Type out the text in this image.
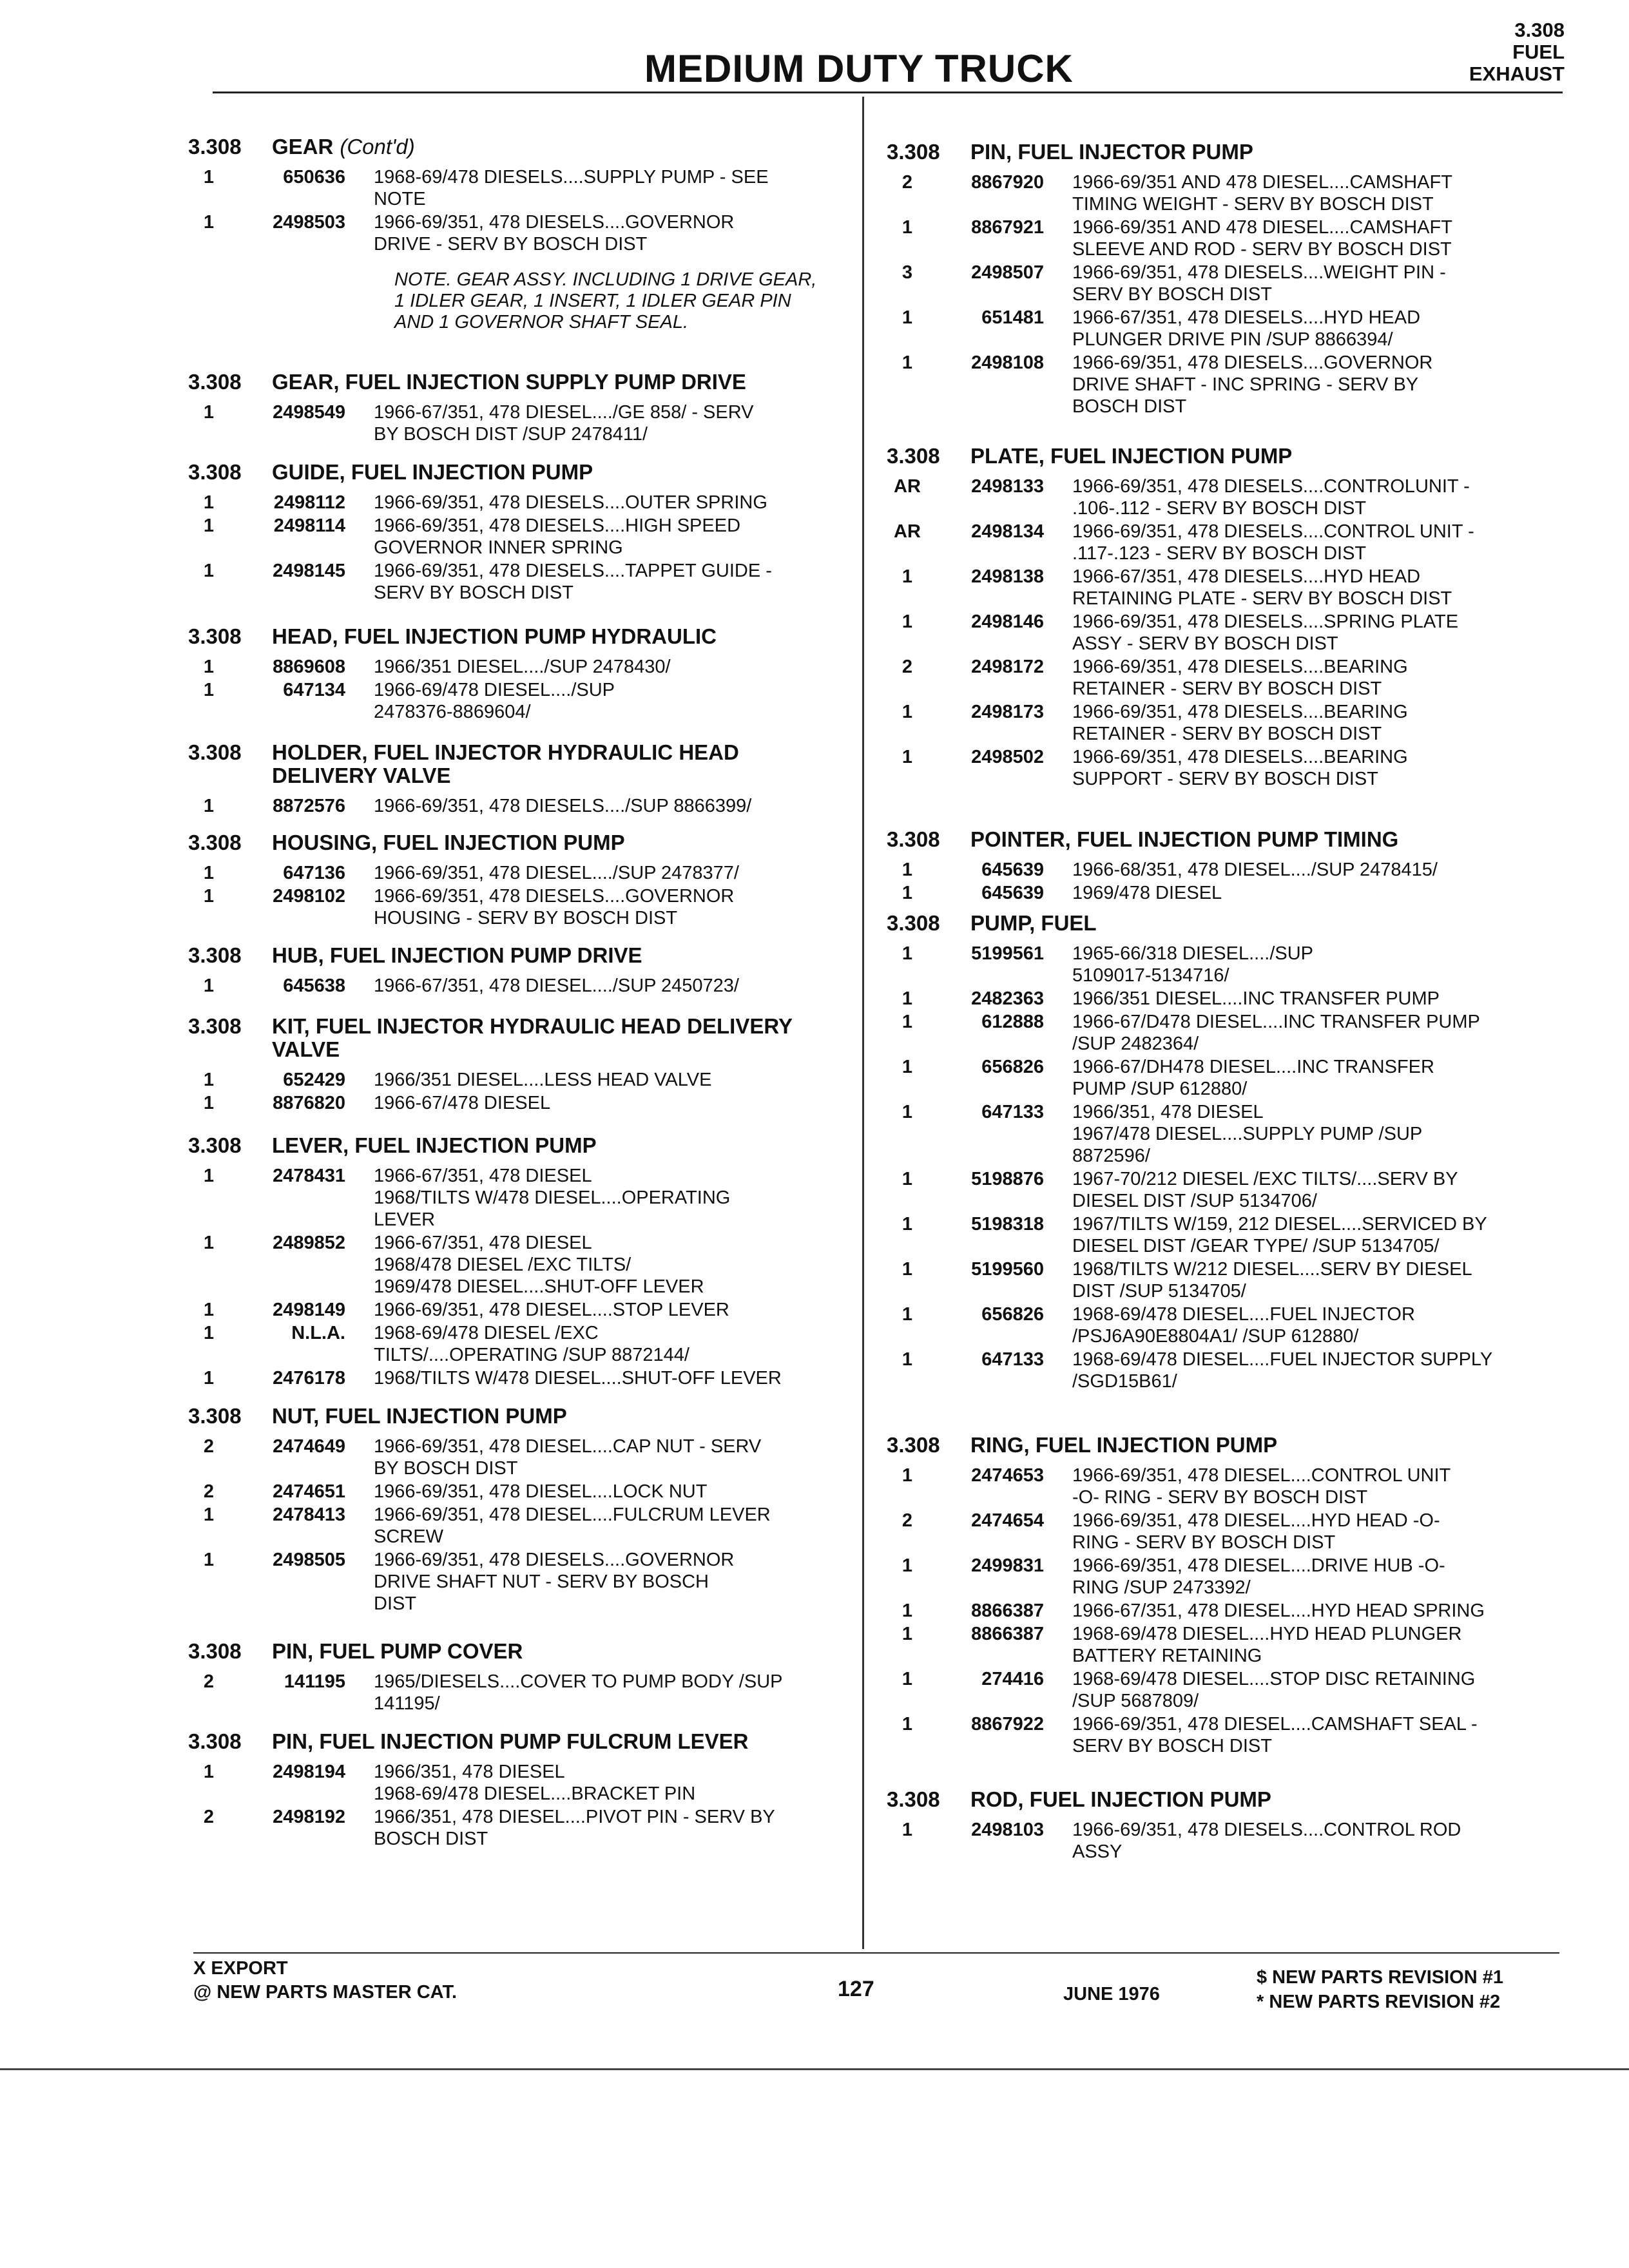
MEDIUM DUTY TRUCK
3.308
FUEL
EXHAUST
3.308	GEAR (Cont'd)
1	650636	1968-69/478 DIESELS....SUPPLY PUMP - SEE
NOTE
1	2498503	1966-69/351, 478 DIESELS....GOVERNOR
DRIVE - SERV BY BOSCH DIST
NOTE. GEAR ASSY. INCLUDING 1 DRIVE GEAR,
1 IDLER GEAR, 1 INSERT, 1 IDLER GEAR PIN
AND 1 GOVERNOR SHAFT SEAL.
3.308	GEAR, FUEL INJECTION SUPPLY PUMP DRIVE
1	2498549	1966-67/351, 478 DIESEL..../GE 858/ - SERV
BY BOSCH DIST /SUP 2478411/
3.308	GUIDE, FUEL INJECTION PUMP
1	2498112	1966-69/351, 478 DIESELS....OUTER SPRING
1	2498114	1966-69/351, 478 DIESELS....HIGH SPEED
GOVERNOR INNER SPRING
1	2498145	1966-69/351, 478 DIESELS....TAPPET GUIDE -
SERV BY BOSCH DIST
3.308	HEAD, FUEL INJECTION PUMP HYDRAULIC
1	8869608	1966/351 DIESEL..../SUP 2478430/
1	647134	1966-69/478 DIESEL..../SUP
2478376-8869604/
3.308	HOLDER, FUEL INJECTOR HYDRAULIC HEAD
DELIVERY VALVE
1	8872576	1966-69/351, 478 DIESELS..../SUP 8866399/
3.308	HOUSING, FUEL INJECTION PUMP
1	647136	1966-69/351, 478 DIESEL..../SUP 2478377/
1	2498102	1966-69/351, 478 DIESELS....GOVERNOR
HOUSING - SERV BY BOSCH DIST
3.308	HUB, FUEL INJECTION PUMP DRIVE
1	645638	1966-67/351, 478 DIESEL..../SUP 2450723/
3.308	KIT, FUEL INJECTOR HYDRAULIC HEAD DELIVERY
VALVE
1	652429	1966/351 DIESEL....LESS HEAD VALVE
1	8876820	1966-67/478 DIESEL
3.308	LEVER, FUEL INJECTION PUMP
1	2478431	1966-67/351, 478 DIESEL
1968/TILTS W/478 DIESEL....OPERATING
LEVER
1	2489852	1966-67/351, 478 DIESEL
1968/478 DIESEL /EXC TILTS/
1969/478 DIESEL....SHUT-OFF LEVER
1	2498149	1966-69/351, 478 DIESEL....STOP LEVER
1	N.L.A.	1968-69/478 DIESEL /EXC
TILTS/....OPERATING /SUP 8872144/
1	2476178	1968/TILTS W/478 DIESEL....SHUT-OFF LEVER
3.308	NUT, FUEL INJECTION PUMP
2	2474649	1966-69/351, 478 DIESEL....CAP NUT - SERV
BY BOSCH DIST
2	2474651	1966-69/351, 478 DIESEL....LOCK NUT
1	2478413	1966-69/351, 478 DIESEL....FULCRUM LEVER
SCREW
1	2498505	1966-69/351, 478 DIESELS....GOVERNOR
DRIVE SHAFT NUT - SERV BY BOSCH
DIST
3.308	PIN, FUEL PUMP COVER
2	141195	1965/DIESELS....COVER TO PUMP BODY /SUP
141195/
3.308	PIN, FUEL INJECTION PUMP FULCRUM LEVER
1	2498194	1966/351, 478 DIESEL
1968-69/478 DIESEL....BRACKET PIN
2	2498192	1966/351, 478 DIESEL....PIVOT PIN - SERV BY
BOSCH DIST
3.308	PIN, FUEL INJECTOR PUMP
2	8867920	1966-69/351 AND 478 DIESEL....CAMSHAFT
TIMING WEIGHT - SERV BY BOSCH DIST
1	8867921	1966-69/351 AND 478 DIESEL....CAMSHAFT
SLEEVE AND ROD - SERV BY BOSCH DIST
3	2498507	1966-69/351, 478 DIESELS....WEIGHT PIN -
SERV BY BOSCH DIST
1	651481	1966-67/351, 478 DIESELS....HYD HEAD
PLUNGER DRIVE PIN /SUP 8866394/
1	2498108	1966-69/351, 478 DIESELS....GOVERNOR
DRIVE SHAFT - INC SPRING - SERV BY
BOSCH DIST
3.308	PLATE, FUEL INJECTION PUMP
AR	2498133	1966-69/351, 478 DIESELS....CONTROLUNIT -
.106-.112 - SERV BY BOSCH DIST
AR	2498134	1966-69/351, 478 DIESELS....CONTROL UNIT -
.117-.123 - SERV BY BOSCH DIST
1	2498138	1966-67/351, 478 DIESELS....HYD HEAD
RETAINING PLATE - SERV BY BOSCH DIST
1	2498146	1966-69/351, 478 DIESELS....SPRING PLATE
ASSY - SERV BY BOSCH DIST
2	2498172	1966-69/351, 478 DIESELS....BEARING
RETAINER - SERV BY BOSCH DIST
1	2498173	1966-69/351, 478 DIESELS....BEARING
RETAINER - SERV BY BOSCH DIST
1	2498502	1966-69/351, 478 DIESELS....BEARING
SUPPORT - SERV BY BOSCH DIST
3.308	POINTER, FUEL INJECTION PUMP TIMING
1	645639	1966-68/351, 478 DIESEL..../SUP 2478415/
1	645639	1969/478 DIESEL
3.308	PUMP, FUEL
1	5199561	1965-66/318 DIESEL..../SUP
5109017-5134716/
1	2482363	1966/351 DIESEL....INC TRANSFER PUMP
1	612888	1966-67/D478 DIESEL....INC TRANSFER PUMP
/SUP 2482364/
1	656826	1966-67/DH478 DIESEL....INC TRANSFER
PUMP /SUP 612880/
1	647133	1966/351, 478 DIESEL
1967/478 DIESEL....SUPPLY PUMP /SUP
8872596/
1	5198876	1967-70/212 DIESEL /EXC TILTS/....SERV BY
DIESEL DIST /SUP 5134706/
1	5198318	1967/TILTS W/159, 212 DIESEL....SERVICED BY
DIESEL DIST /GEAR TYPE/ /SUP 5134705/
1	5199560	1968/TILTS W/212 DIESEL....SERV BY DIESEL
DIST /SUP 5134705/
1	656826	1968-69/478 DIESEL....FUEL INJECTOR
/PSJ6A90E8804A1/ /SUP 612880/
1	647133	1968-69/478 DIESEL....FUEL INJECTOR SUPPLY
/SGD15B61/
3.308	RING, FUEL INJECTION PUMP
1	2474653	1966-69/351, 478 DIESEL....CONTROL UNIT
-O- RING - SERV BY BOSCH DIST
2	2474654	1966-69/351, 478 DIESEL....HYD HEAD -O-
RING - SERV BY BOSCH DIST
1	2499831	1966-69/351, 478 DIESEL....DRIVE HUB -O-
RING /SUP 2473392/
1	8866387	1966-67/351, 478 DIESEL....HYD HEAD SPRING
1	8866387	1968-69/478 DIESEL....HYD HEAD PLUNGER
BATTERY RETAINING
1	274416	1968-69/478 DIESEL....STOP DISC RETAINING
/SUP 5687809/
1	8867922	1966-69/351, 478 DIESEL....CAMSHAFT SEAL -
SERV BY BOSCH DIST
3.308	ROD, FUEL INJECTION PUMP
1	2498103	1966-69/351, 478 DIESELS....CONTROL ROD
ASSY
X EXPORT
@ NEW PARTS MASTER CAT.	127	JUNE 1976
$ NEW PARTS REVISION #1
* NEW PARTS REVISION #2
